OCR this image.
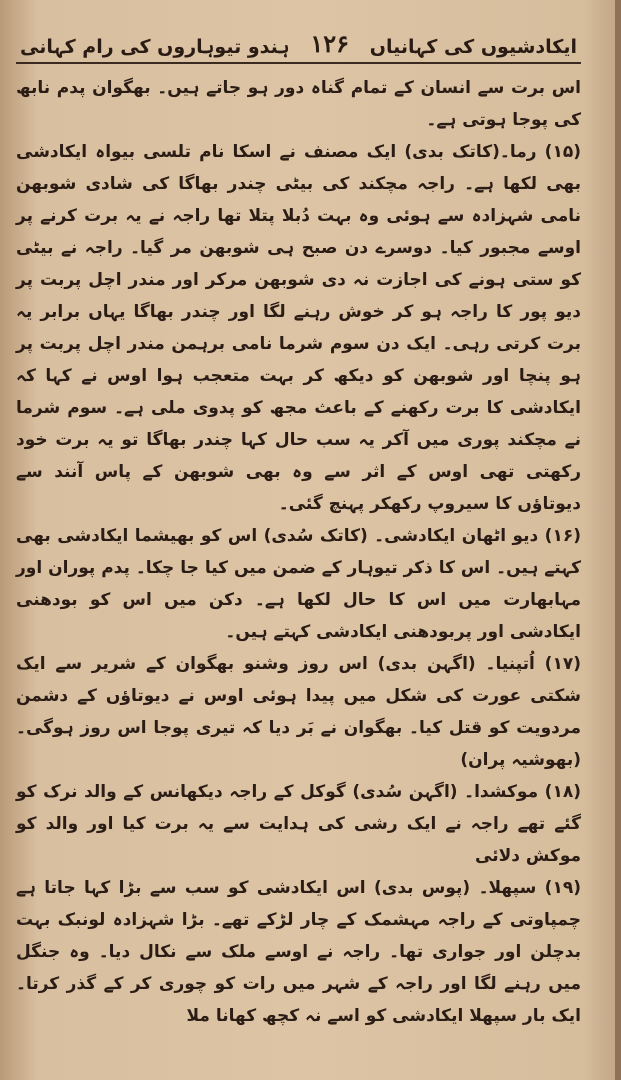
ایکادشیوں کی کہانیاں
۱۲۶
ہندو تیوہاروں کی رام کہانی

اس برت سے انسان کے تمام گناہ دور ہو جاتے ہیں۔ بھگوان پدم نابھ کی پوجا ہوتی ہے۔

(۱۵) رما۔(کاتک بدی) ایک مصنف نے اسکا نام تلسی بیواہ ایکادشی بھی لکھا ہے۔ راجہ مچکند کی بیٹی چندر بھاگا کی شادی شوبھن نامی شہزادہ سے ہوئی وہ بہت دُبلا پتلا تھا راجہ نے یہ برت کرنے پر اوسے مجبور کیا۔ دوسرے دن صبح ہی شوبھن مر گیا۔ راجہ نے بیٹی کو ستی ہونے کی اجازت نہ دی شوبھن مرکر اور مندر اچل پربت پر دیو پور کا راجہ ہو کر خوش رہنے لگا اور چندر بھاگا یہاں برابر یہ برت کرتی رہی۔ ایک دن سوم شرما نامی برہمن مندر اچل پربت پر ہو پنچا اور شوبھن کو دیکھ کر بہت متعجب ہوا اوس نے کہا کہ ایکادشی کا برت رکھنے کے باعث مجھ کو پدوی ملی ہے۔ سوم شرما نے مچکند پوری میں آکر یہ سب حال کہا چندر بھاگا تو یہ برت خود رکھتی تھی اوس کے اثر سے وہ بھی شوبھن کے پاس آنند سے دیوتاؤں کا سیروپ رکھکر پہنچ گئی۔

(۱۶) دیو اٹھان ایکادشی۔ (کاتک سُدی) اس کو بھیشما ایکادشی بھی کہتے ہیں۔ اس کا ذکر تیوہار کے ضمن میں کیا جا چکا۔ پدم پوران اور مہابھارت میں اس کا حال لکھا ہے۔ دکن میں اس کو بودھنی ایکادشی اور پربودھنی ایکادشی کہتے ہیں۔

(۱۷) اُتپنیا۔ (اگہن بدی) اس روز وشنو بھگوان کے شریر سے ایک شکتی عورت کی شکل میں پیدا ہوئی اوس نے دیوتاؤں کے دشمن مردویت کو قتل کیا۔ بھگوان نے بَر دیا کہ تیری پوجا اس روز ہوگی۔ (بھوشیہ پران)

(۱۸) موکشدا۔ (اگہن سُدی) گوکل کے راجہ دیکھانس کے والد نرک کو گئے تھے راجہ نے ایک رشی کی ہدایت سے یہ برت کیا اور والد کو موکش دلائی

(۱۹) سپھلا۔ (پوس بدی) اس ایکادشی کو سب سے بڑا کہا جاتا ہے چمپاوتی کے راجہ مہشمک کے چار لڑکے تھے۔ بڑا شہزادہ لونبک بہت بدچلن اور جواری تھا۔ راجہ نے اوسے ملک سے نکال دیا۔ وہ جنگل میں رہنے لگا اور راجہ کے شہر میں رات کو چوری کر کے گذر کرتا۔ ایک بار سپھلا ایکادشی کو اسے نہ کچھ کھانا ملا
